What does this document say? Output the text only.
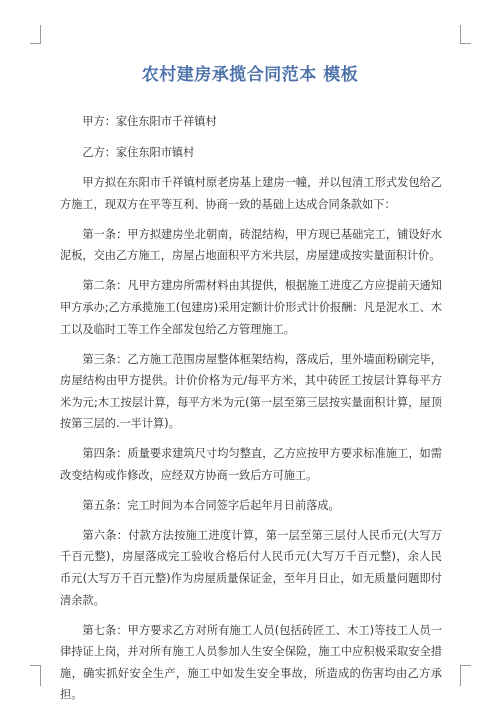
农村建房承揽合同范本 模板

甲方：家住东阳市千祥镇村

乙方：家住东阳市镇村

甲方拟在东阳市千祥镇村原老房基上建房一幢，并以包清工形式发包给乙方施工，现双方在平等互利、协商一致的基础上达成合同条款如下：

第一条：甲方拟建房坐北朝南，砖混结构，甲方现已基础完工，铺设好水泥板，交由乙方施工，房屋占地面积平方米共层，房屋建成按实量面积计价。

第二条：凡甲方建房所需材料由其提供，根据施工进度乙方应提前天通知甲方承办;乙方承揽施工(包建房)采用定额计价形式计价报酬：凡是泥水工、木工以及临时工等工作全部发包给乙方管理施工。

第三条：乙方施工范围房屋整体框架结构，落成后，里外墙面粉刷完毕，房屋结构由甲方提供。计价价格为元/每平方米，其中砖匠工按层计算每平方米为元;木工按层计算，每平方米为元(第一层至第三层按实量面积计算，屋顶按第三层的.一半计算)。

第四条：质量要求建筑尺寸均匀整直，乙方应按甲方要求标准施工，如需改变结构或作修改，应经双方协商一致后方可施工。

第五条：完工时间为本合同签字后起年月日前落成。

第六条：付款方法按施工进度计算，第一层至第三层付人民币元(大写万千百元整)，房屋落成完工验收合格后付人民币元(大写万千百元整)，余人民币元(大写万千百元整)作为房屋质量保证金，至年月日止，如无质量问题即付清余款。

第七条：甲方要求乙方对所有施工人员(包括砖匠工、木工)等技工人员一律持证上岗，并对所有施工人员参加人生安全保险，施工中应积极采取安全措施，确实抓好安全生产，施工中如发生安全事故，所造成的伤害均由乙方承担。
